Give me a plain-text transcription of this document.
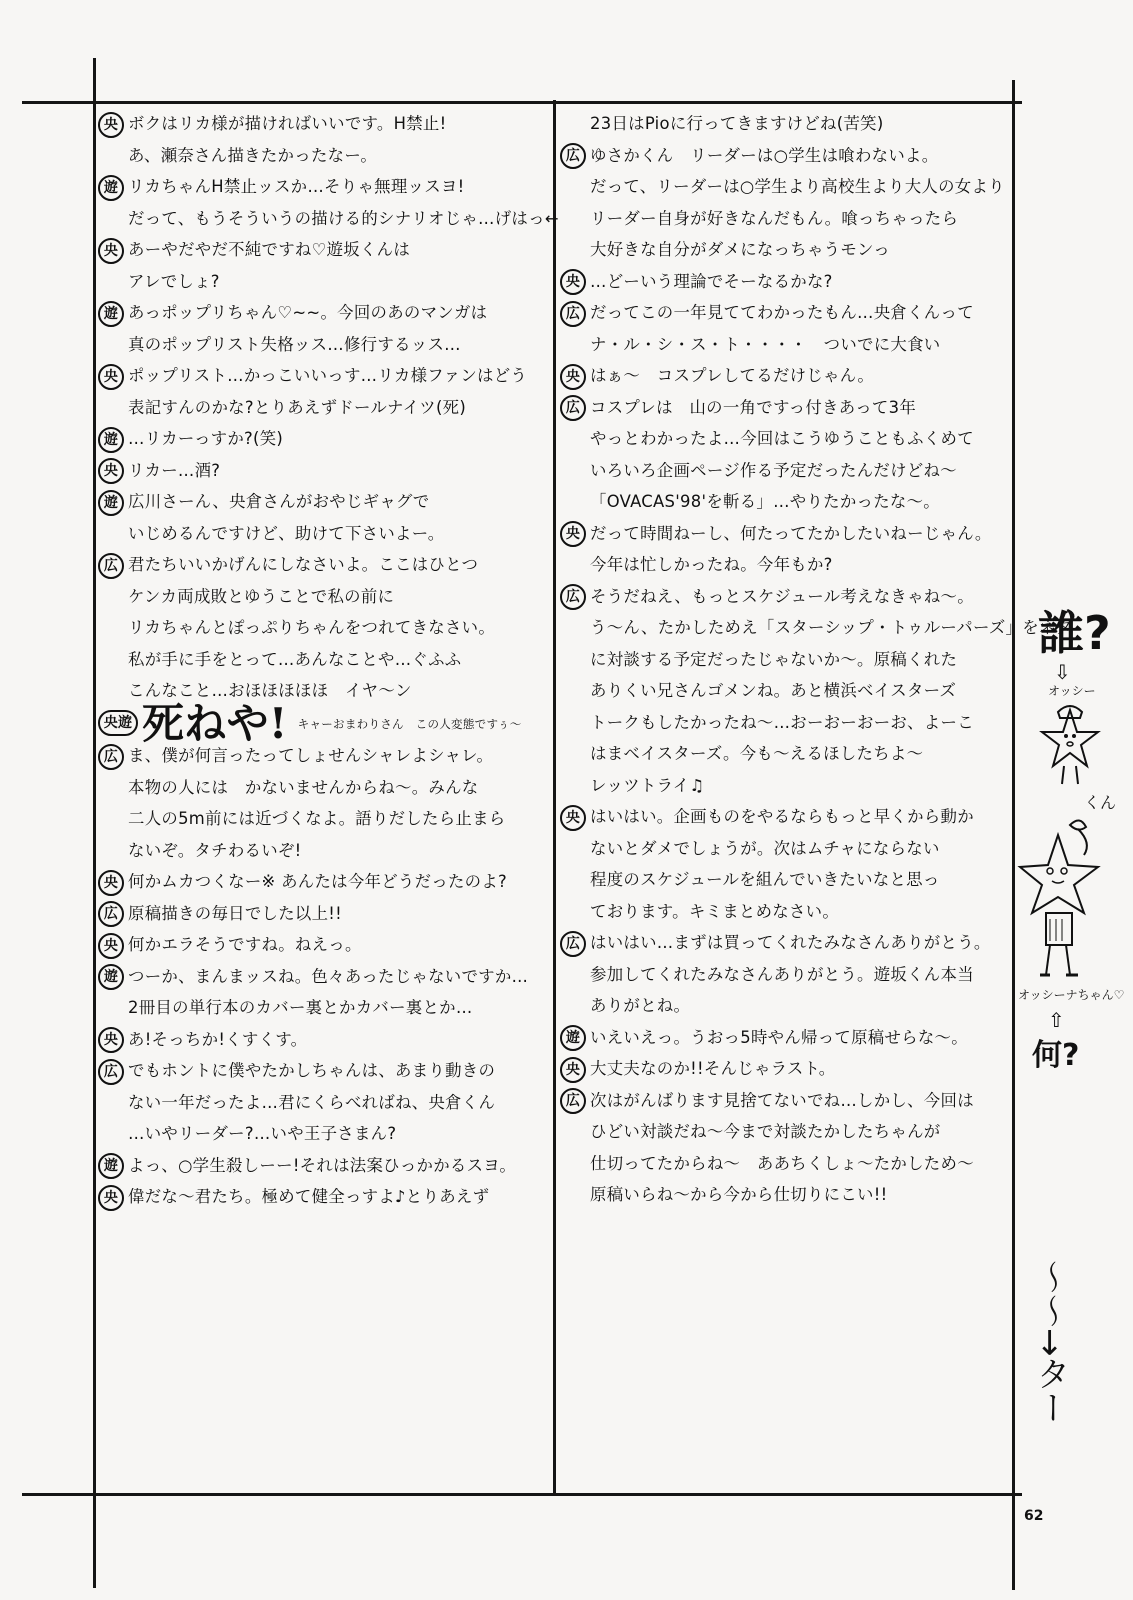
央 ボクはリカ様が描ければいいです。H禁止!
あ、瀬奈さん描きたかったなー。
遊 リカちゃんH禁止ッスか…そりゃ無理ッスヨ!
だって、もうそういうの描ける的シナリオじゃ…げはっ←
央 あーやだやだ不純ですね♡遊坂くんは
アレでしょ?
遊 あっポップリちゃん♡~~。今回のあのマンガは
真のポップリスト失格ッス…修行するッス…
央 ポップリスト…かっこいいっす…リカ様ファンはどう
表記すんのかな?とりあえずドールナイツ(死)
遊 …リカーっすか?(笑)
央 リカー…酒?
遊 広川さーん、央倉さんがおやじギャグで
いじめるんですけど、助けて下さいよー。
広 君たちいいかげんにしなさいよ。ここはひとつ
ケンカ両成敗とゆうことで私の前に
リカちゃんとぽっぷりちゃんをつれてきなさい。
私が手に手をとって…あんなことや…ぐふふ
こんなこと…おほほほほほ　イヤ〜ン
央遊 死ねや! キャーおまわりさん　この人変態ですぅ〜
広 ま、僕が何言ったってしょせんシャレよシャレ。
本物の人には　かないませんからね〜。みんな
二人の5m前には近づくなよ。語りだしたら止まら
ないぞ。タチわるいぞ!
央 何かムカつくなー※ あんたは今年どうだったのよ?
広 原稿描きの毎日でした以上!!
央 何かエラそうですね。ねえっ。
遊 つーか、まんまッスね。色々あったじゃないですか…
2冊目の単行本のカバー裏とかカバー裏とか…
央 あ!そっちか!くすくす。
広 でもホントに僕やたかしちゃんは、あまり動きの
ない一年だったよ…君にくらべればね、央倉くん
…いやリーダー?…いや王子さまん?
遊 よっ、○学生殺しーー!それは法案ひっかかるスヨ。
央 偉だな〜君たち。極めて健全っすよ♪とりあえず
23日はPioに行ってきますけどね(苦笑)
広 ゆさかくん　リーダーは○学生は喰わないよ。
だって、リーダーは○学生より高校生より大人の女より
リーダー自身が好きなんだもん。喰っちゃったら
大好きな自分がダメになっちゃうモンっ
央 …どーいう理論でそーなるかな?
広 だってこの一年見ててわかったもん…央倉くんって
ナ・ル・シ・ス・ト・・・・　ついでに大食い
央 はぁ〜　コスプレしてるだけじゃん。
広 コスプレは　山の一角ですっ付きあって3年
やっとわかったよ…今回はこうゆうこともふくめて
いろいろ企画ページ作る予定だったんだけどね〜
「OVACAS'98'を斬る」…やりたかったな〜。
央 だって時間ねーし、何たってたかしたいねーじゃん。
今年は忙しかったね。今年もか?
広 そうだねえ、もっとスケジュール考えなきゃね〜。
う〜ん、たかしためえ「スターシップ・トゥルーパーズ」をネタ
に対談する予定だったじゃないか〜。原稿くれた
ありくい兄さんゴメンね。あと横浜ベイスターズ
トークもしたかったね〜…おーおーおーお、よーこ
はまベイスターズ。今も〜えるほしたちよ〜
レッツトライ♫
央 はいはい。企画ものをやるならもっと早くから動か
ないとダメでしょうが。次はムチャにならない
程度のスケジュールを組んでいきたいなと思っ
ております。キミまとめなさい。
広 はいはい…まずは買ってくれたみなさんありがとう。
参加してくれたみなさんありがとう。遊坂くん本当
ありがとね。
遊 いえいえっ。うおっ5時やん帰って原稿せらな〜。
央 大丈夫なのか!!そんじゃラスト。
広 次はがんばります見捨てないでね…しかし、今回は
ひどい対談だね〜今まで対談たかしたちゃんが
仕切ってたからね〜　ああちくしょ〜たかしため〜
原稿いらね〜から今から仕切りにこい!!
誰?
⇩
オッシー
くん
オッシーナちゃん♡
⇧
何?
〜〜→ター
62
